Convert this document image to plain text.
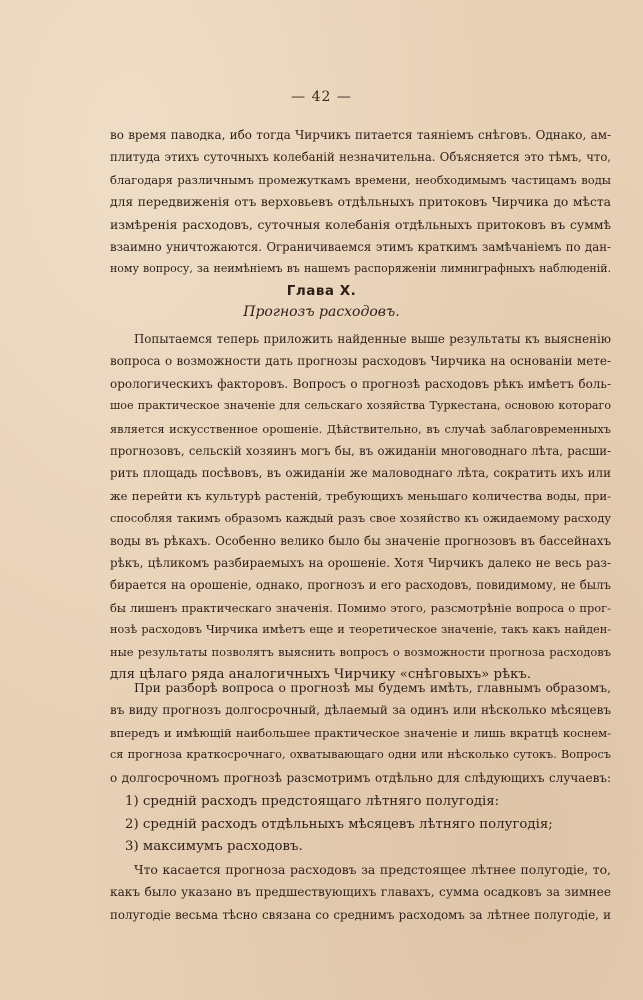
— 42 —
во время паводка, ибо тогда Чирчикъ питается таяніемъ снѣговъ. Однако, ам-
плитуда этихъ суточныхъ колебаній незначительна. Объясняется это тѣмъ, что,
благодаря различнымъ промежуткамъ времени, необходимымъ частицамъ воды
для передвиженія отъ верховьевъ отдѣльныхъ притоковъ Чирчика до мѣста
измѣренія расходовъ, суточныя колебанія отдѣльныхъ притоковъ въ суммѣ
взаимно уничтожаются. Ограничиваемся этимъ краткимъ замѣчаніемъ по дан-
ному вопросу, за неимѣніемъ въ нашемъ распоряженіи лимниграфныхъ наблюденій.
Глава X.
Прогнозъ расходовъ.
Попытаемся теперь приложить найденные выше результаты къ выясненію
вопроса о возможности дать прогнозы расходовъ Чирчика на основаніи мете-
орологическихъ факторовъ. Вопросъ о прогнозѣ расходовъ рѣкъ имѣетъ боль-
шое практическое значеніе для сельскаго хозяйства Туркестана, основою котораго
является искусственное орошеніе. Дѣйствительно, въ случаѣ заблаговременныхъ
прогнозовъ, сельскій хозяинъ могъ бы, въ ожиданіи многоводнаго лѣта, расши-
рить площадь посѣвовъ, въ ожиданіи же маловоднаго лѣта, сократить ихъ или
же перейти къ культурѣ растеній, требующихъ меньшаго количества воды, при-
способляя такимъ образомъ каждый разъ свое хозяйство къ ожидаемому расходу
воды въ рѣкахъ. Особенно велико было бы значеніе прогнозовъ въ бассейнахъ
рѣкъ, цѣликомъ разбираемыхъ на орошеніе. Хотя Чирчикъ далеко не весь раз-
бирается на орошеніе, однако, прогнозъ и его расходовъ, повидимому, не былъ
бы лишенъ практическаго значенія. Помимо этого, разсмотрѣніе вопроса о прог-
нозѣ расходовъ Чирчика имѣетъ еще и теоретическое значеніе, такъ какъ найден-
ные результаты позволятъ выяснить вопросъ о возможности прогноза расходовъ
для цѣлаго ряда аналогичныхъ Чирчику «снѣговыхъ» рѣкъ.
При разборѣ вопроса о прогнозѣ мы будемъ имѣть, главнымъ образомъ,
въ виду прогнозъ долгосрочный, дѣлаемый за одинъ или нѣсколько мѣсяцевъ
впередъ и имѣющій наибольшее практическое значеніе и лишь вкратцѣ коснем-
ся прогноза краткосрочнаго, охватывающаго одни или нѣсколько сутокъ. Вопросъ
о долгосрочномъ прогнозѣ разсмотримъ отдѣльно для слѣдующихъ случаевъ:
1) средній расходъ предстоящаго лѣтняго полугодія:
2) средній расходъ отдѣльныхъ мѣсяцевъ лѣтняго полугодія;
3) максимумъ расходовъ.
Что касается прогноза расходовъ за предстоящее лѣтнее полугодіе, то,
какъ было указано въ предшествующихъ главахъ, сумма осадковъ за зимнее
полугодіе весьма тѣсно связана со среднимъ расходомъ за лѣтнее полугодіе, и
